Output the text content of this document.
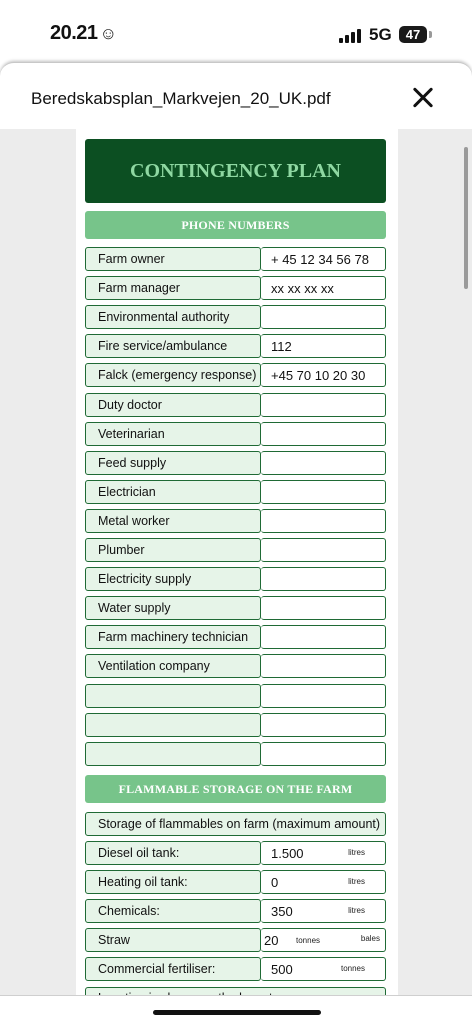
20.21 ☺	5G	47
Beredskabsplan_Markvejen_20_UK.pdf
CONTINGENCY PLAN
PHONE NUMBERS
Farm owner	+ 45 12 34 56 78
Farm manager	xx xx xx xx
Environmental authority
Fire service/ambulance	112
Falck (emergency response)	+45 70 10 20 30
Duty doctor
Veterinarian
Feed supply
Electrician
Metal worker
Plumber
Electricity supply
Water supply
Farm machinery technician
Ventilation company
FLAMMABLE STORAGE ON THE FARM
Storage of flammables on farm (maximum amount)
Diesel oil tank:	1.500	litres
Heating oil tank:	0	litres
Chemicals:	350	litres
Straw	20 tonnes	bales
Commercial fertiliser:	500	tonnes
